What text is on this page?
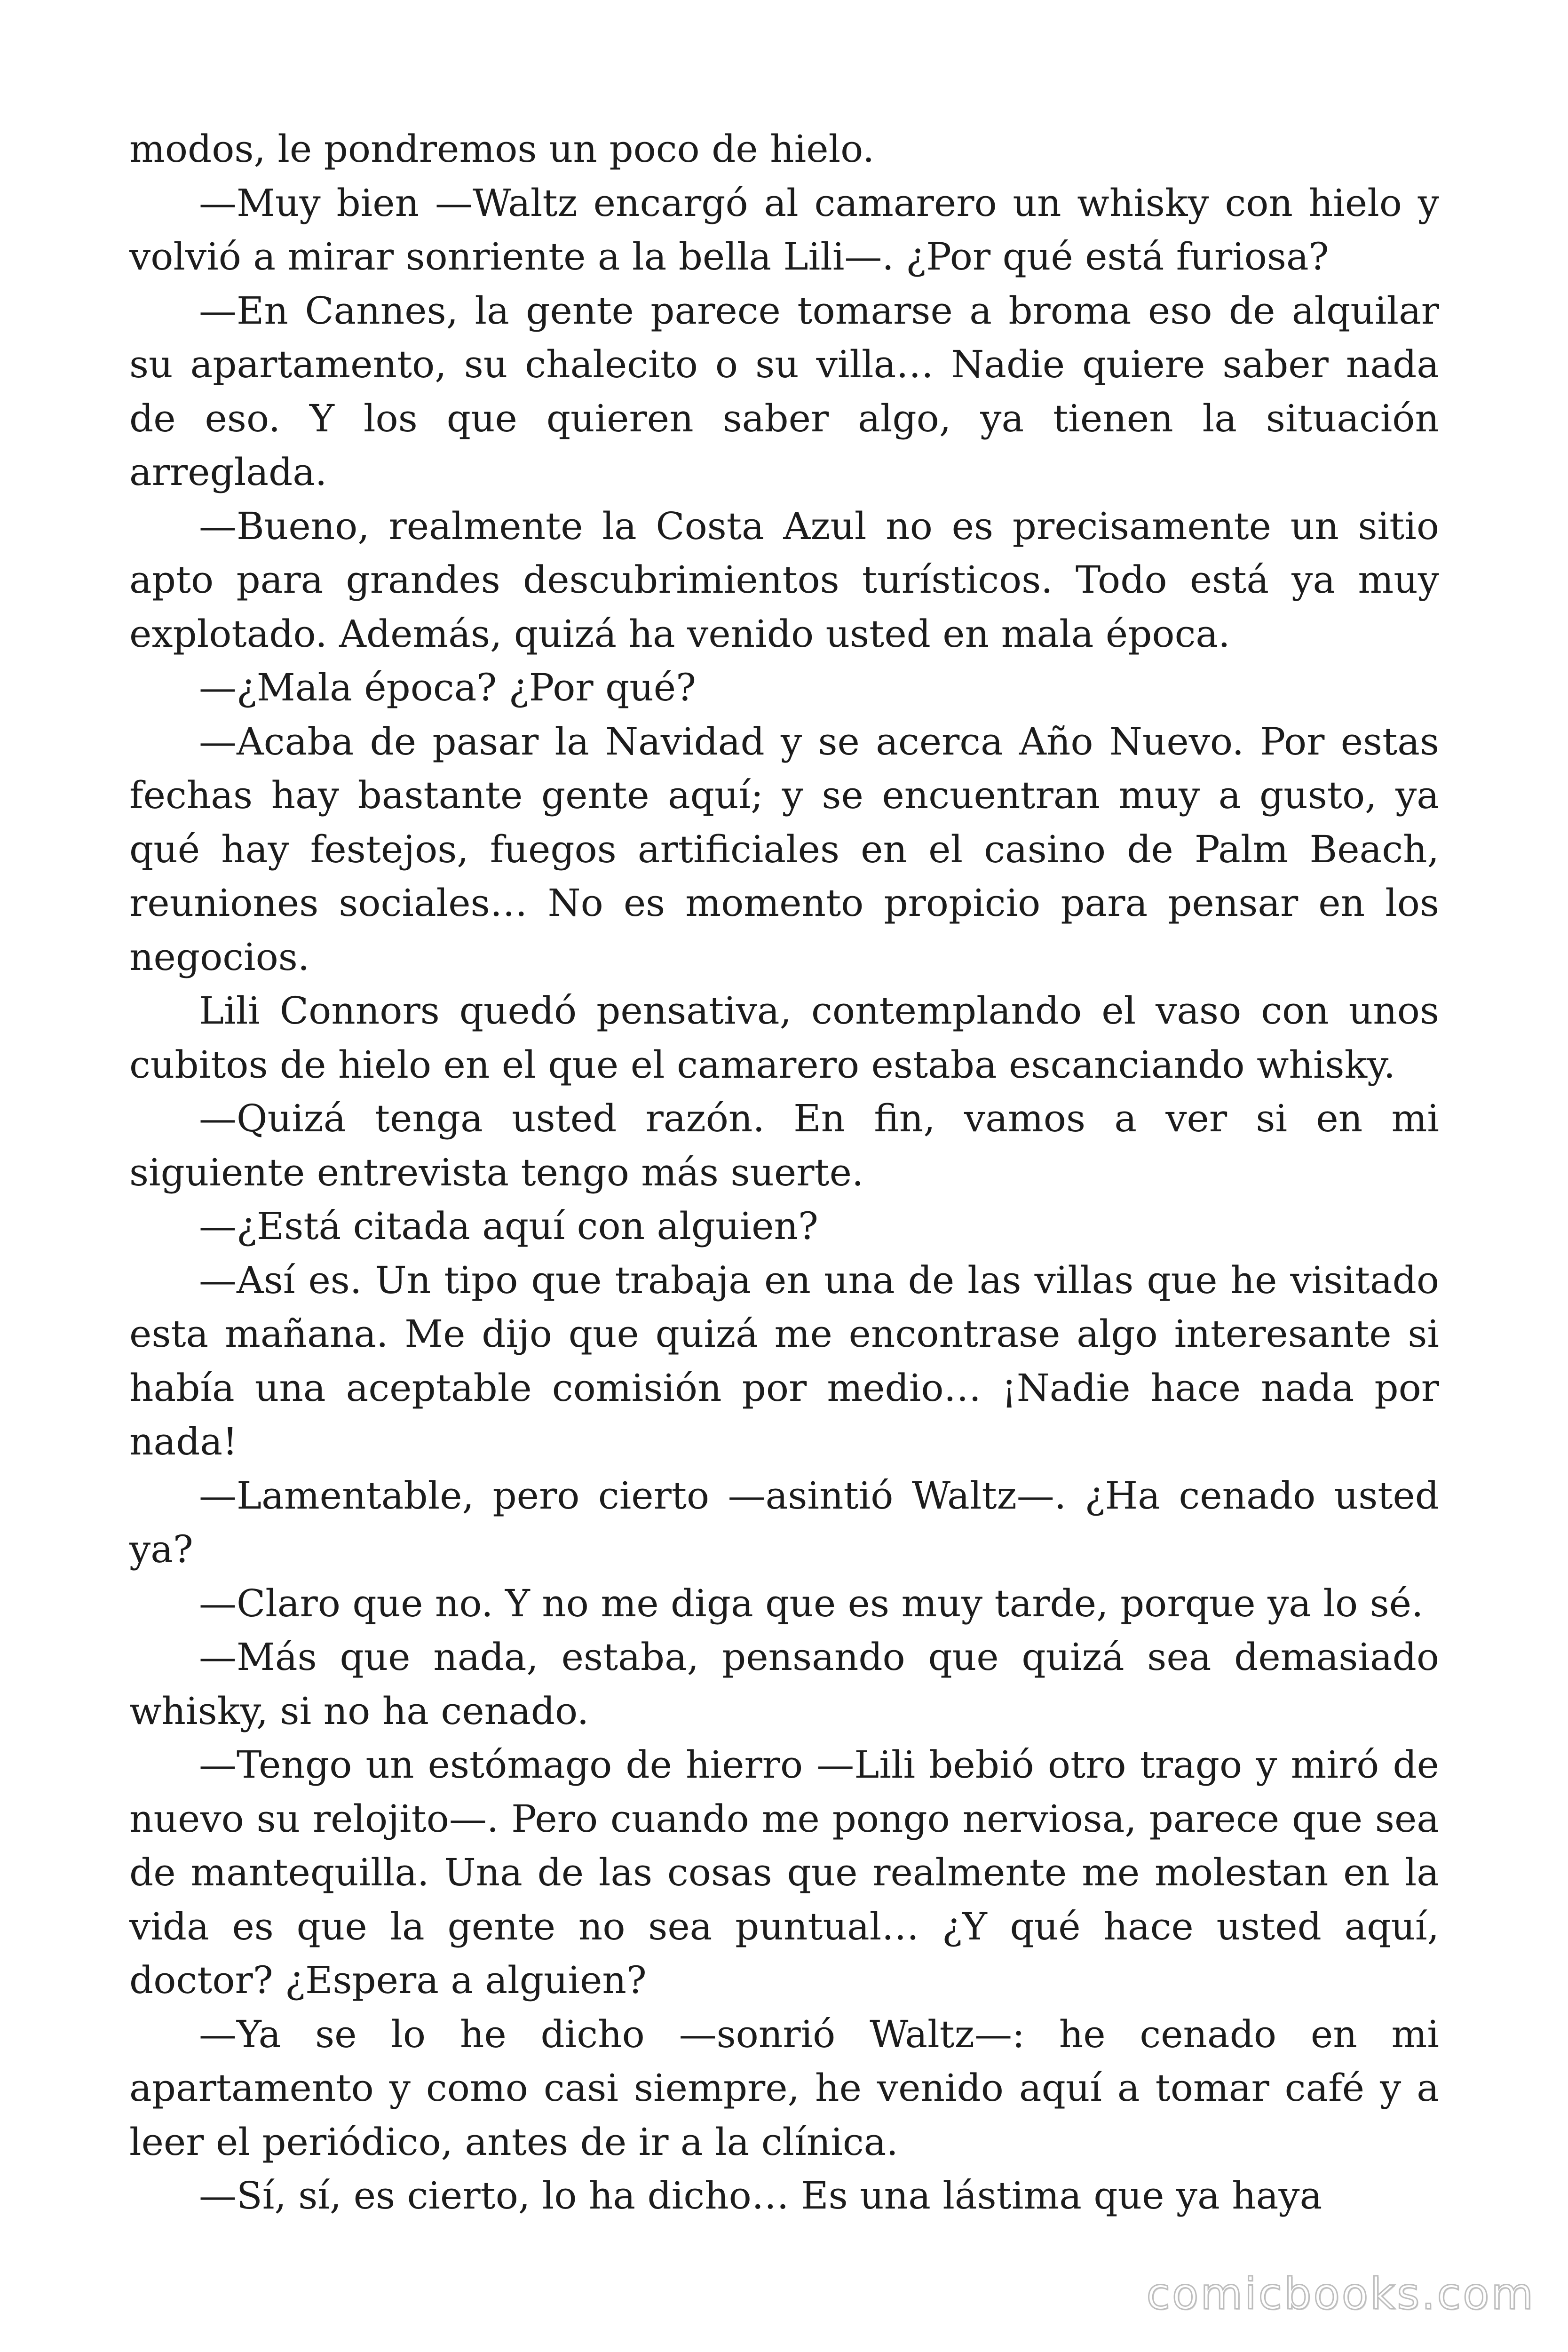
modos, le pondremos un poco de hielo.

—Muy bien —Waltz encargó al camarero un whisky con hielo y volvió a mirar sonriente a la bella Lili—. ¿Por qué está furiosa?

—En Cannes, la gente parece tomarse a broma eso de alquilar su apartamento, su chalecito o su villa… Nadie quiere saber nada de eso. Y los que quieren saber algo, ya tienen la situación arreglada.

—Bueno, realmente la Costa Azul no es precisamente un sitio apto para grandes descubrimientos turísticos. Todo está ya muy explotado. Además, quizá ha venido usted en mala época.

—¿Mala época? ¿Por qué?

—Acaba de pasar la Navidad y se acerca Año Nuevo. Por estas fechas hay bastante gente aquí; y se encuentran muy a gusto, ya qué hay festejos, fuegos artificiales en el casino de Palm Beach, reuniones sociales… No es momento propicio para pensar en los negocios.

Lili Connors quedó pensativa, contemplando el vaso con unos cubitos de hielo en el que el camarero estaba escanciando whisky.

—Quizá tenga usted razón. En fin, vamos a ver si en mi siguiente entrevista tengo más suerte.

—¿Está citada aquí con alguien?

—Así es. Un tipo que trabaja en una de las villas que he visitado esta mañana. Me dijo que quizá me encontrase algo interesante si había una aceptable comisión por medio… ¡Nadie hace nada por nada!

—Lamentable, pero cierto —asintió Waltz—. ¿Ha cenado usted ya?

—Claro que no. Y no me diga que es muy tarde, porque ya lo sé.

—Más que nada, estaba, pensando que quizá sea demasiado whisky, si no ha cenado.

—Tengo un estómago de hierro —Lili bebió otro trago y miró de nuevo su relojito—. Pero cuando me pongo nerviosa, parece que sea de mantequilla. Una de las cosas que realmente me molestan en la vida es que la gente no sea puntual… ¿Y qué hace usted aquí, doctor? ¿Espera a alguien?

—Ya se lo he dicho —sonrió Waltz—: he cenado en mi apartamento y como casi siempre, he venido aquí a tomar café y a leer el periódico, antes de ir a la clínica.

—Sí, sí, es cierto, lo ha dicho… Es una lástima que ya haya

comicbooks.com
